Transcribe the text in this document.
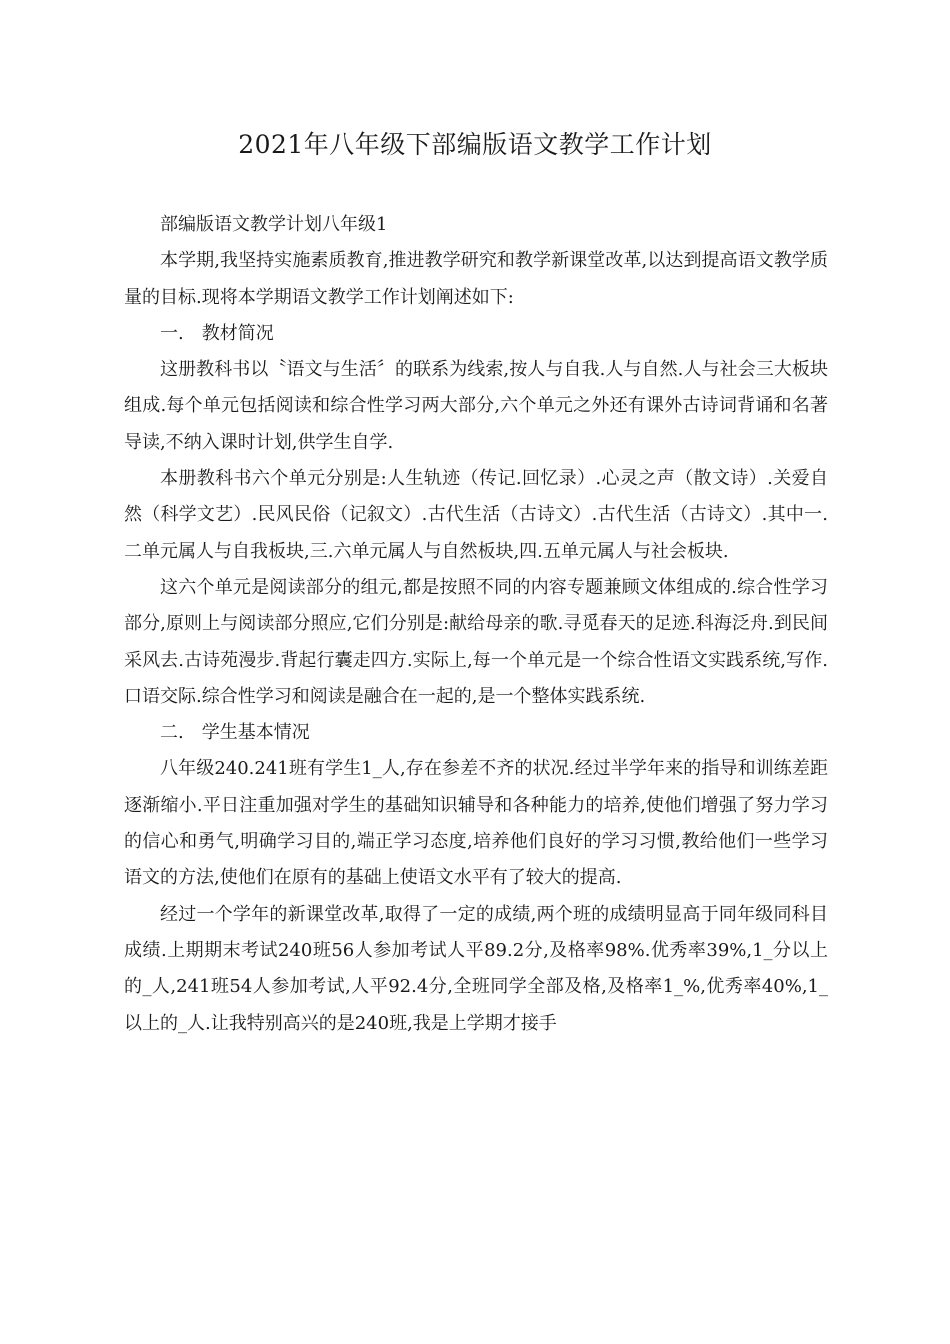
2021年八年级下部编版语文教学工作计划

部编版语文教学计划八年级1

本学期,我坚持实施素质教育,推进教学研究和教学新课堂改革,以达到提高语文教学质量的目标.现将本学期语文教学工作计划阐述如下:

一.　教材简况

这册教科书以〝语文与生活〞的联系为线索,按人与自我.人与自然.人与社会三大板块组成.每个单元包括阅读和综合性学习两大部分,六个单元之外还有课外古诗词背诵和名著导读,不纳入课时计划,供学生自学.

本册教科书六个单元分别是:人生轨迹（传记.回忆录）.心灵之声（散文诗）.关爱自然（科学文艺）.民风民俗（记叙文）.古代生活（古诗文）.古代生活（古诗文）.其中一.二单元属人与自我板块,三.六单元属人与自然板块,四.五单元属人与社会板块.

这六个单元是阅读部分的组元,都是按照不同的内容专题兼顾文体组成的.综合性学习部分,原则上与阅读部分照应,它们分别是:献给母亲的歌.寻觅春天的足迹.科海泛舟.到民间采风去.古诗苑漫步.背起行囊走四方.实际上,每一个单元是一个综合性语文实践系统,写作.口语交际.综合性学习和阅读是融合在一起的,是一个整体实践系统.

二.　学生基本情况

八年级240.241班有学生1_人,存在参差不齐的状况.经过半学年来的指导和训练差距逐渐缩小.平日注重加强对学生的基础知识辅导和各种能力的培养,使他们增强了努力学习的信心和勇气,明确学习目的,端正学习态度,培养他们良好的学习习惯,教给他们一些学习语文的方法,使他们在原有的基础上使语文水平有了较大的提高.

经过一个学年的新课堂改革,取得了一定的成绩,两个班的成绩明显高于同年级同科目成绩.上期期末考试240班56人参加考试人平89.2分,及格率98%.优秀率39%,1_分以上的_人,241班54人参加考试,人平92.4分,全班同学全部及格,及格率1_%,优秀率40%,1_以上的_人.让我特别高兴的是240班,我是上学期才接手
